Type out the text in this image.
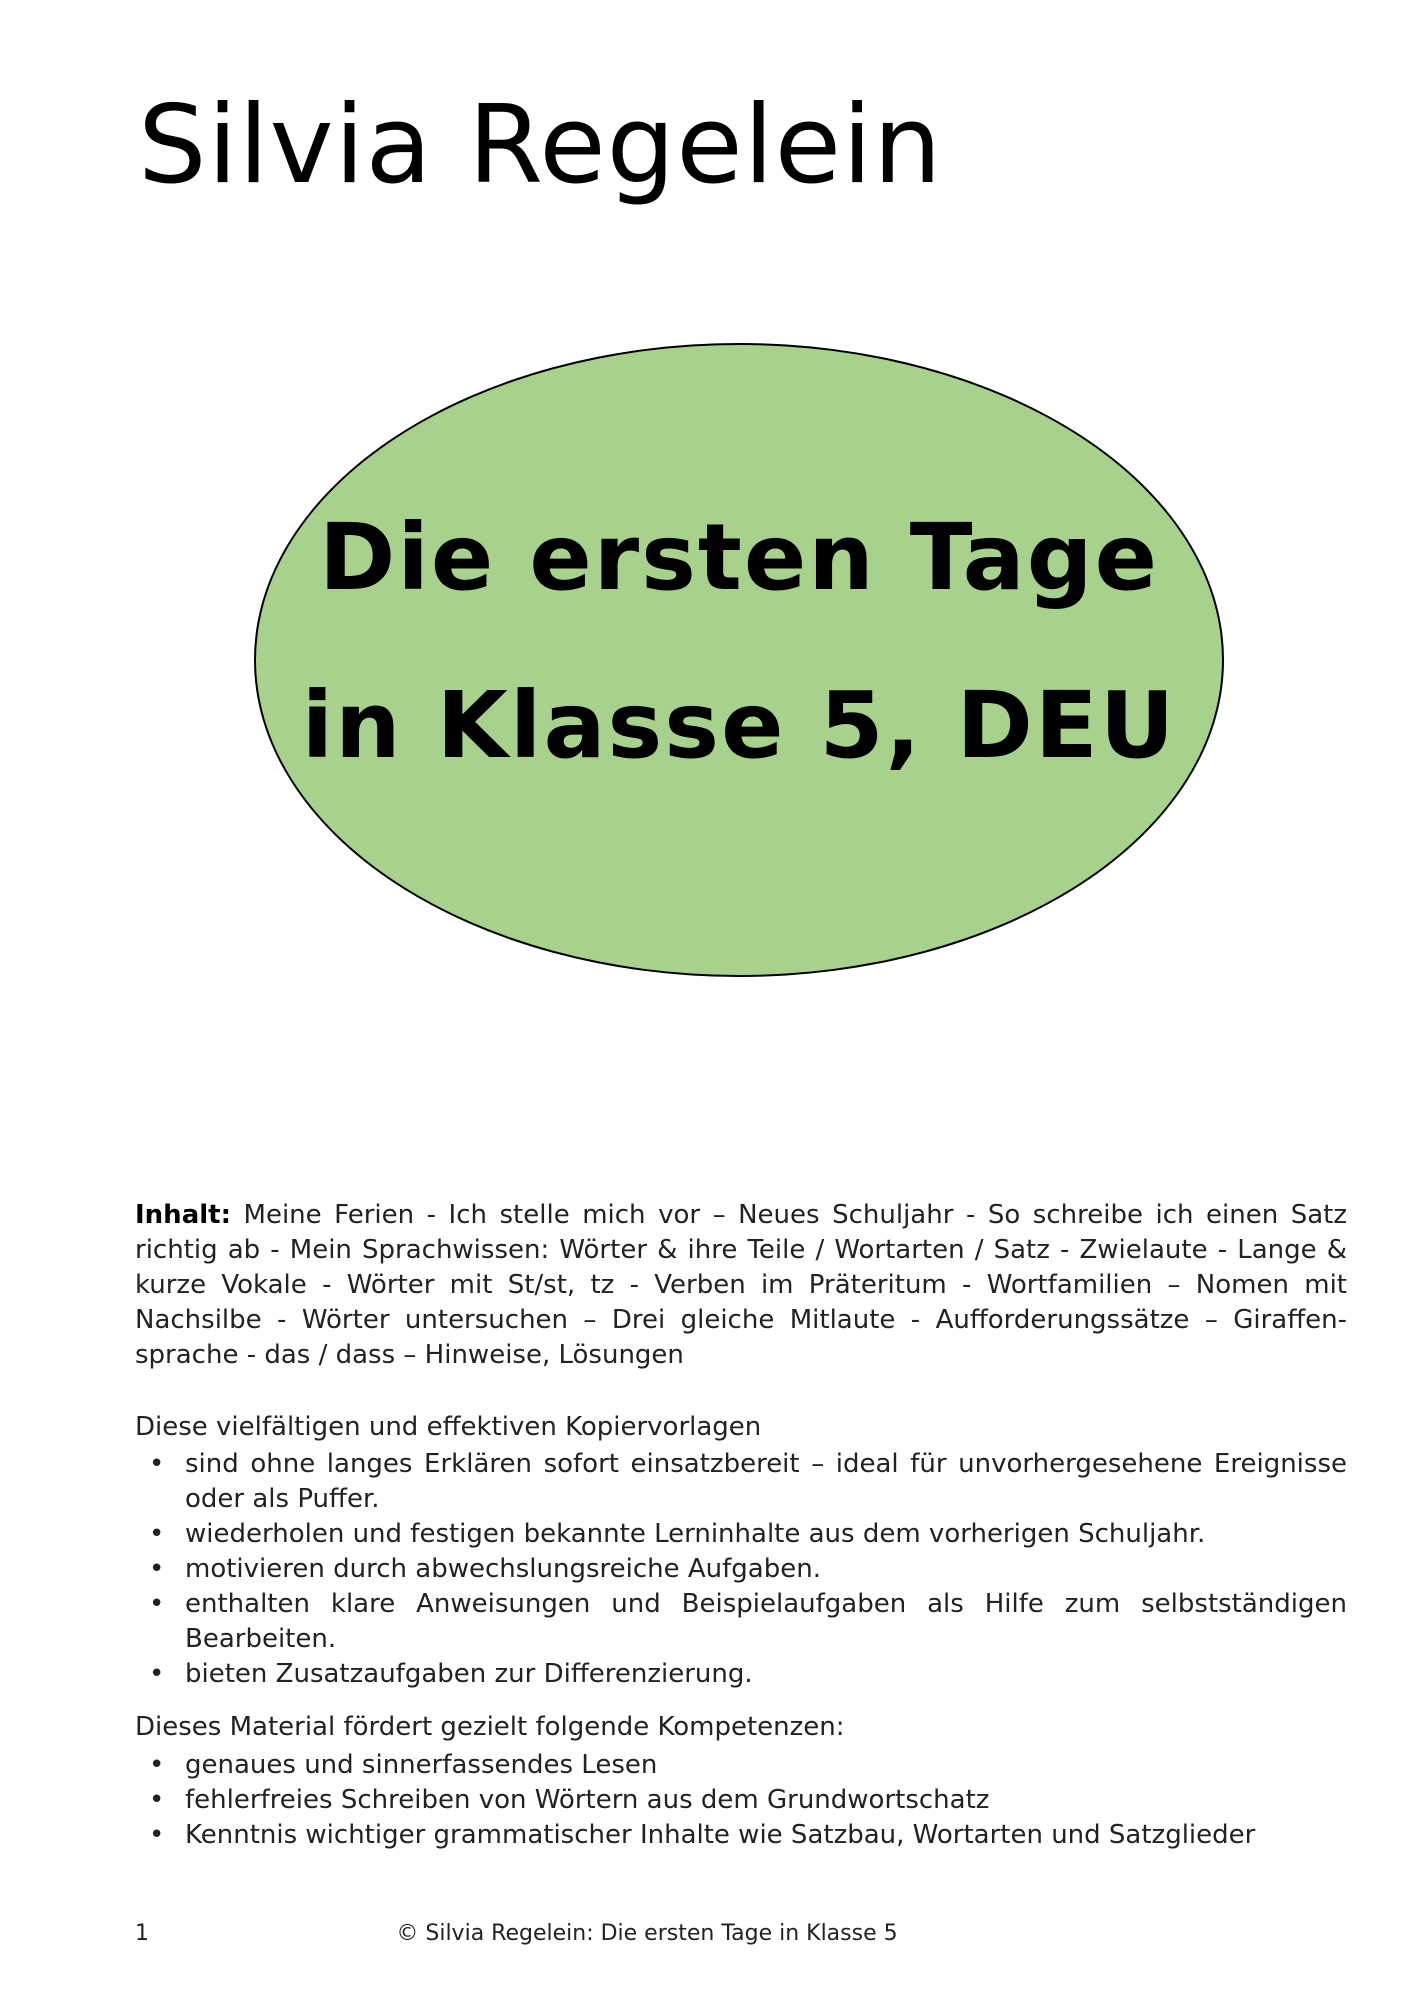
Silvia Regelein
Die ersten Tage
in Klasse 5, DEU
Inhalt: Meine Ferien - Ich stelle mich vor – Neues Schuljahr - So schreibe ich einen Satz richtig ab - Mein Sprachwissen: Wörter & ihre Teile / Wortarten / Satz - Zwielaute - Lange & kurze Vokale - Wörter mit St/st, tz - Verben im Präteritum - Wortfamilien – Nomen mit Nachsilbe - Wörter untersuchen – Drei gleiche Mitlaute - Aufforderungssätze – Giraffen-sprache - das / dass – Hinweise, Lösungen
Diese vielfältigen und effektiven Kopiervorlagen
• sind ohne langes Erklären sofort einsatzbereit – ideal für unvorhergesehene Ereignisse oder als Puffer.
• wiederholen und festigen bekannte Lerninhalte aus dem vorherigen Schuljahr.
• motivieren durch abwechslungsreiche Aufgaben.
• enthalten klare Anweisungen und Beispielaufgaben als Hilfe zum selbstständigen Bearbeiten.
• bieten Zusatzaufgaben zur Differenzierung.
Dieses Material fördert gezielt folgende Kompetenzen:
• genaues und sinnerfassendes Lesen
• fehlerfreies Schreiben von Wörtern aus dem Grundwortschatz
• Kenntnis wichtiger grammatischer Inhalte wie Satzbau, Wortarten und Satzglieder
1	© Silvia Regelein: Die ersten Tage in Klasse 5
